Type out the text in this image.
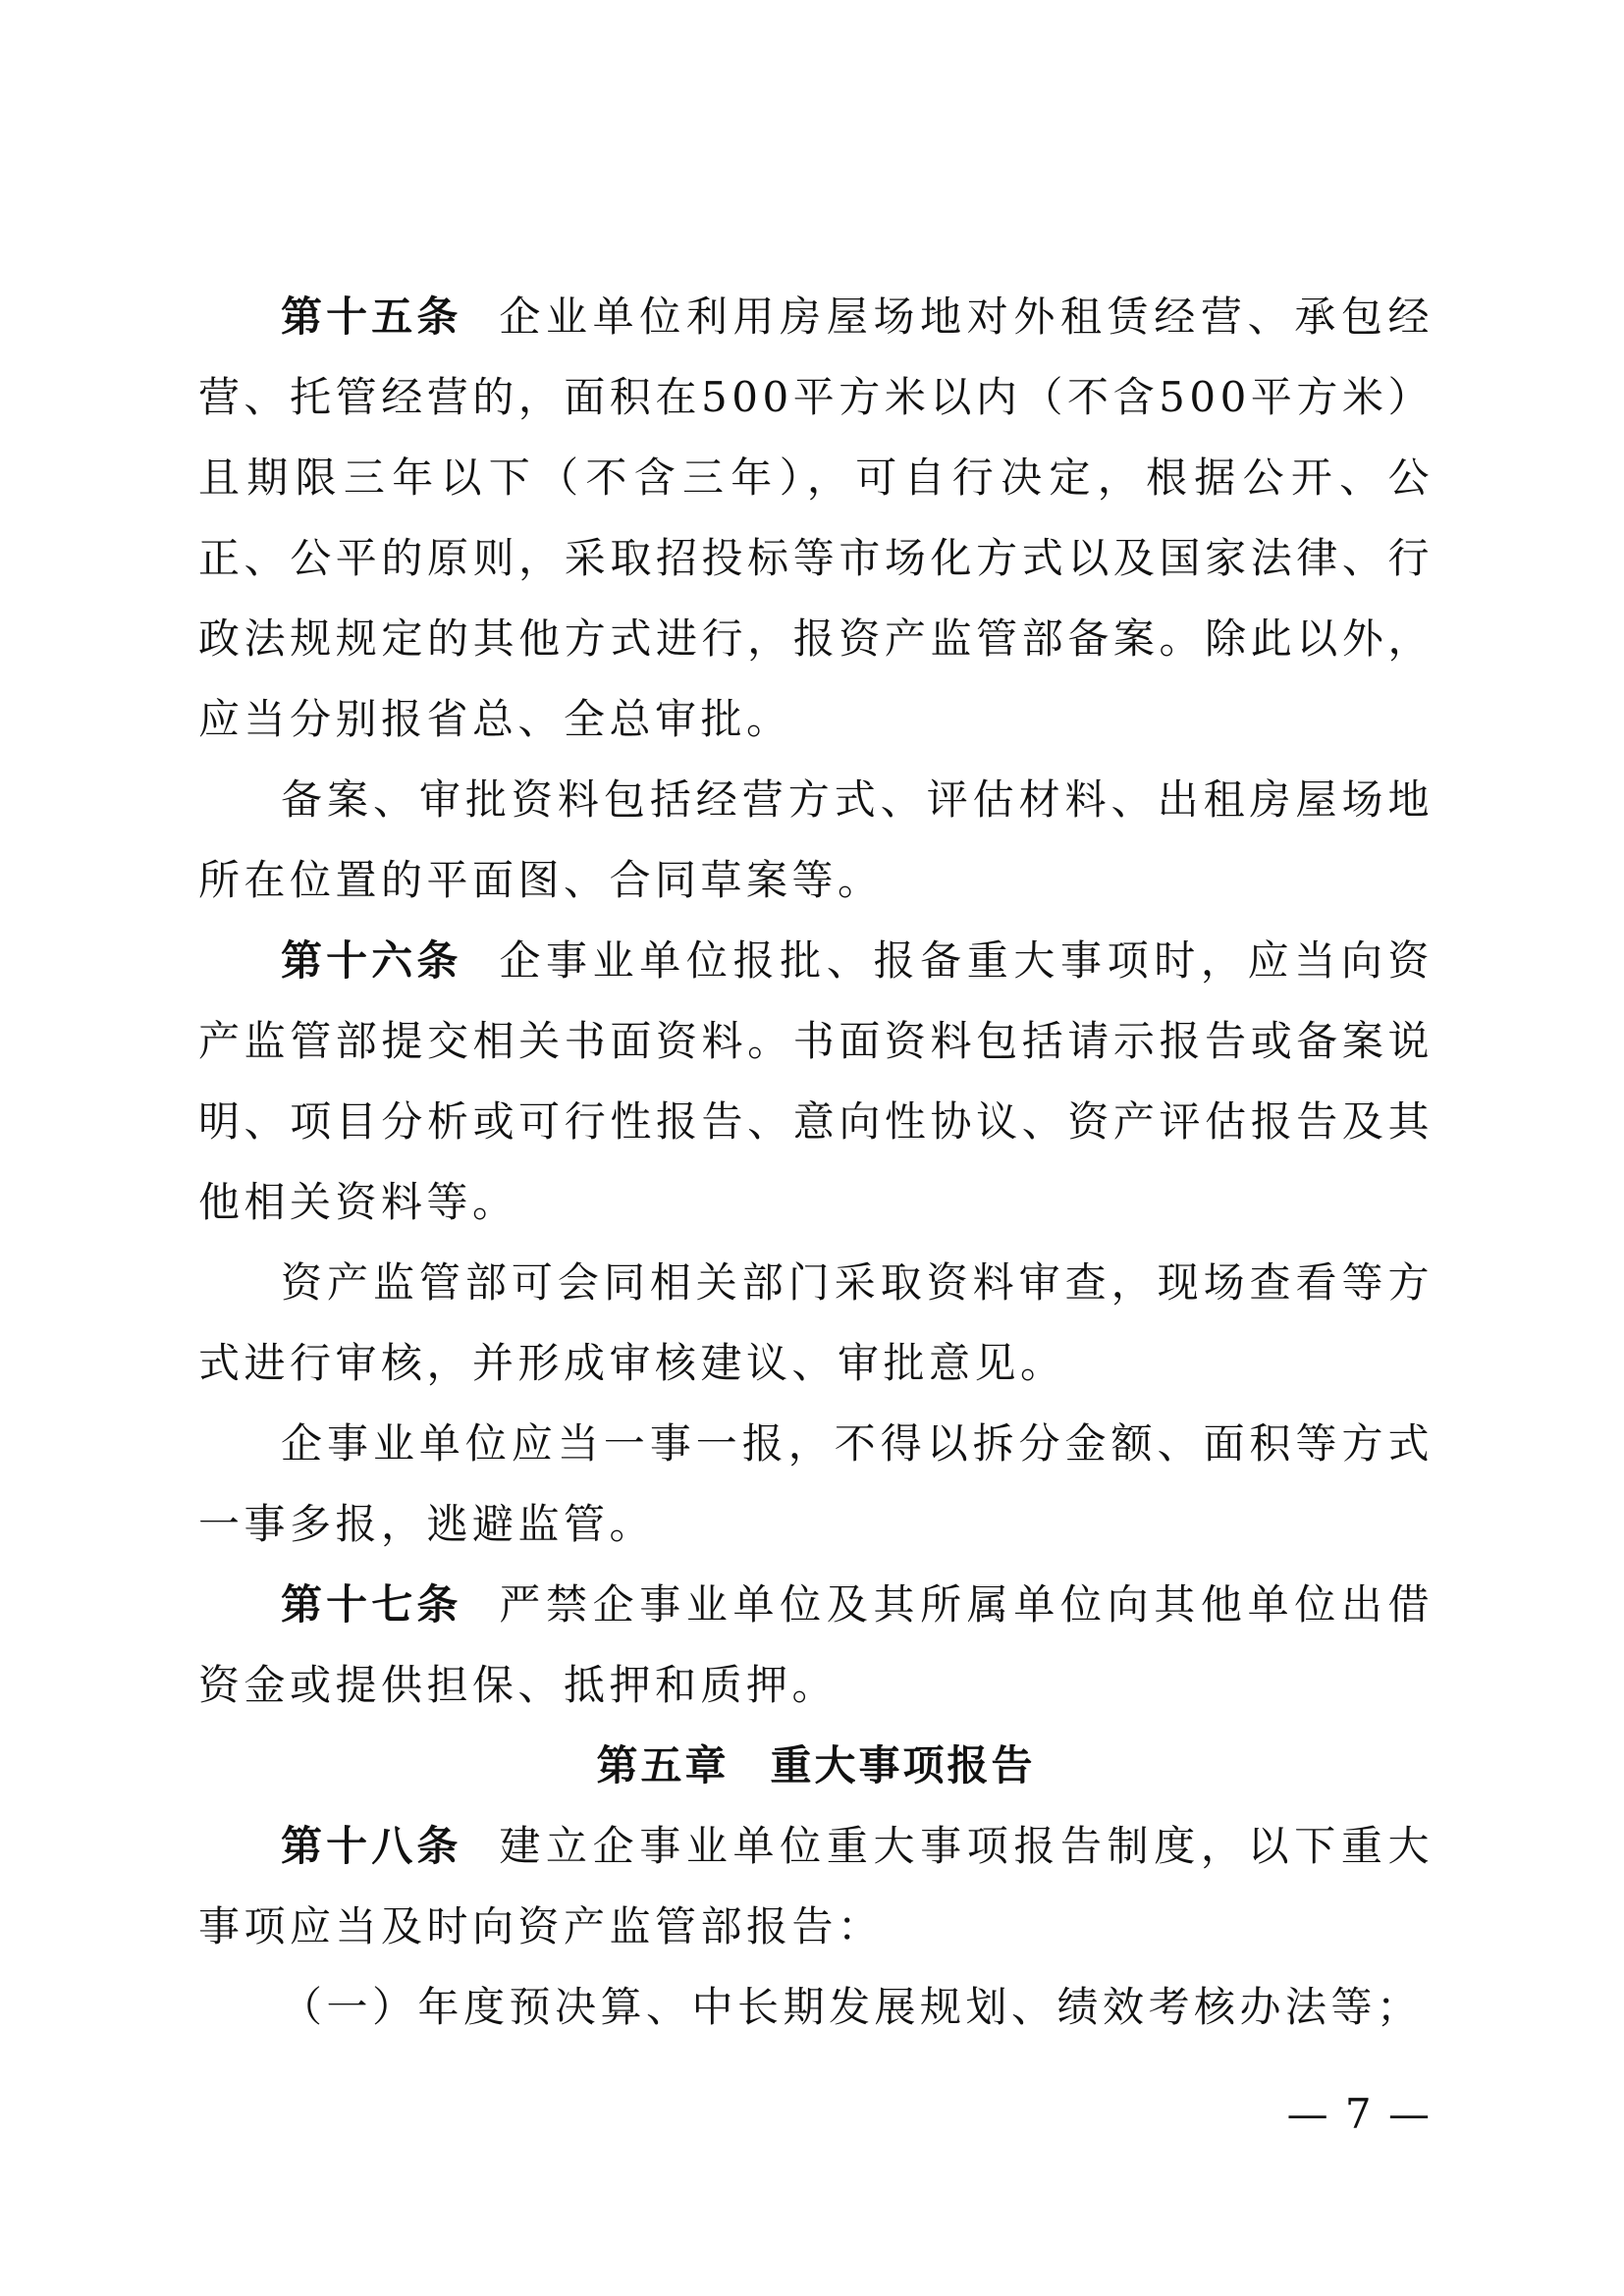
第十五条 企业单位利用房屋场地对外租赁经营、承包经营、托管经营的，面积在500平方米以内（不含500平方米）且期限三年以下（不含三年），可自行决定，根据公开、公正、公平的原则，采取招投标等市场化方式以及国家法律、行政法规规定的其他方式进行，报资产监管部备案。除此以外，应当分别报省总、全总审批。

备案、审批资料包括经营方式、评估材料、出租房屋场地所在位置的平面图、合同草案等。

第十六条 企事业单位报批、报备重大事项时，应当向资产监管部提交相关书面资料。书面资料包括请示报告或备案说明、项目分析或可行性报告、意向性协议、资产评估报告及其他相关资料等。

资产监管部可会同相关部门采取资料审查，现场查看等方式进行审核，并形成审核建议、审批意见。

企事业单位应当一事一报，不得以拆分金额、面积等方式一事多报，逃避监管。

第十七条 严禁企事业单位及其所属单位向其他单位出借资金或提供担保、抵押和质押。

第五章 重大事项报告

第十八条 建立企事业单位重大事项报告制度，以下重大事项应当及时向资产监管部报告：

（一）年度预决算、中长期发展规划、绩效考核办法等；

— 7 —
